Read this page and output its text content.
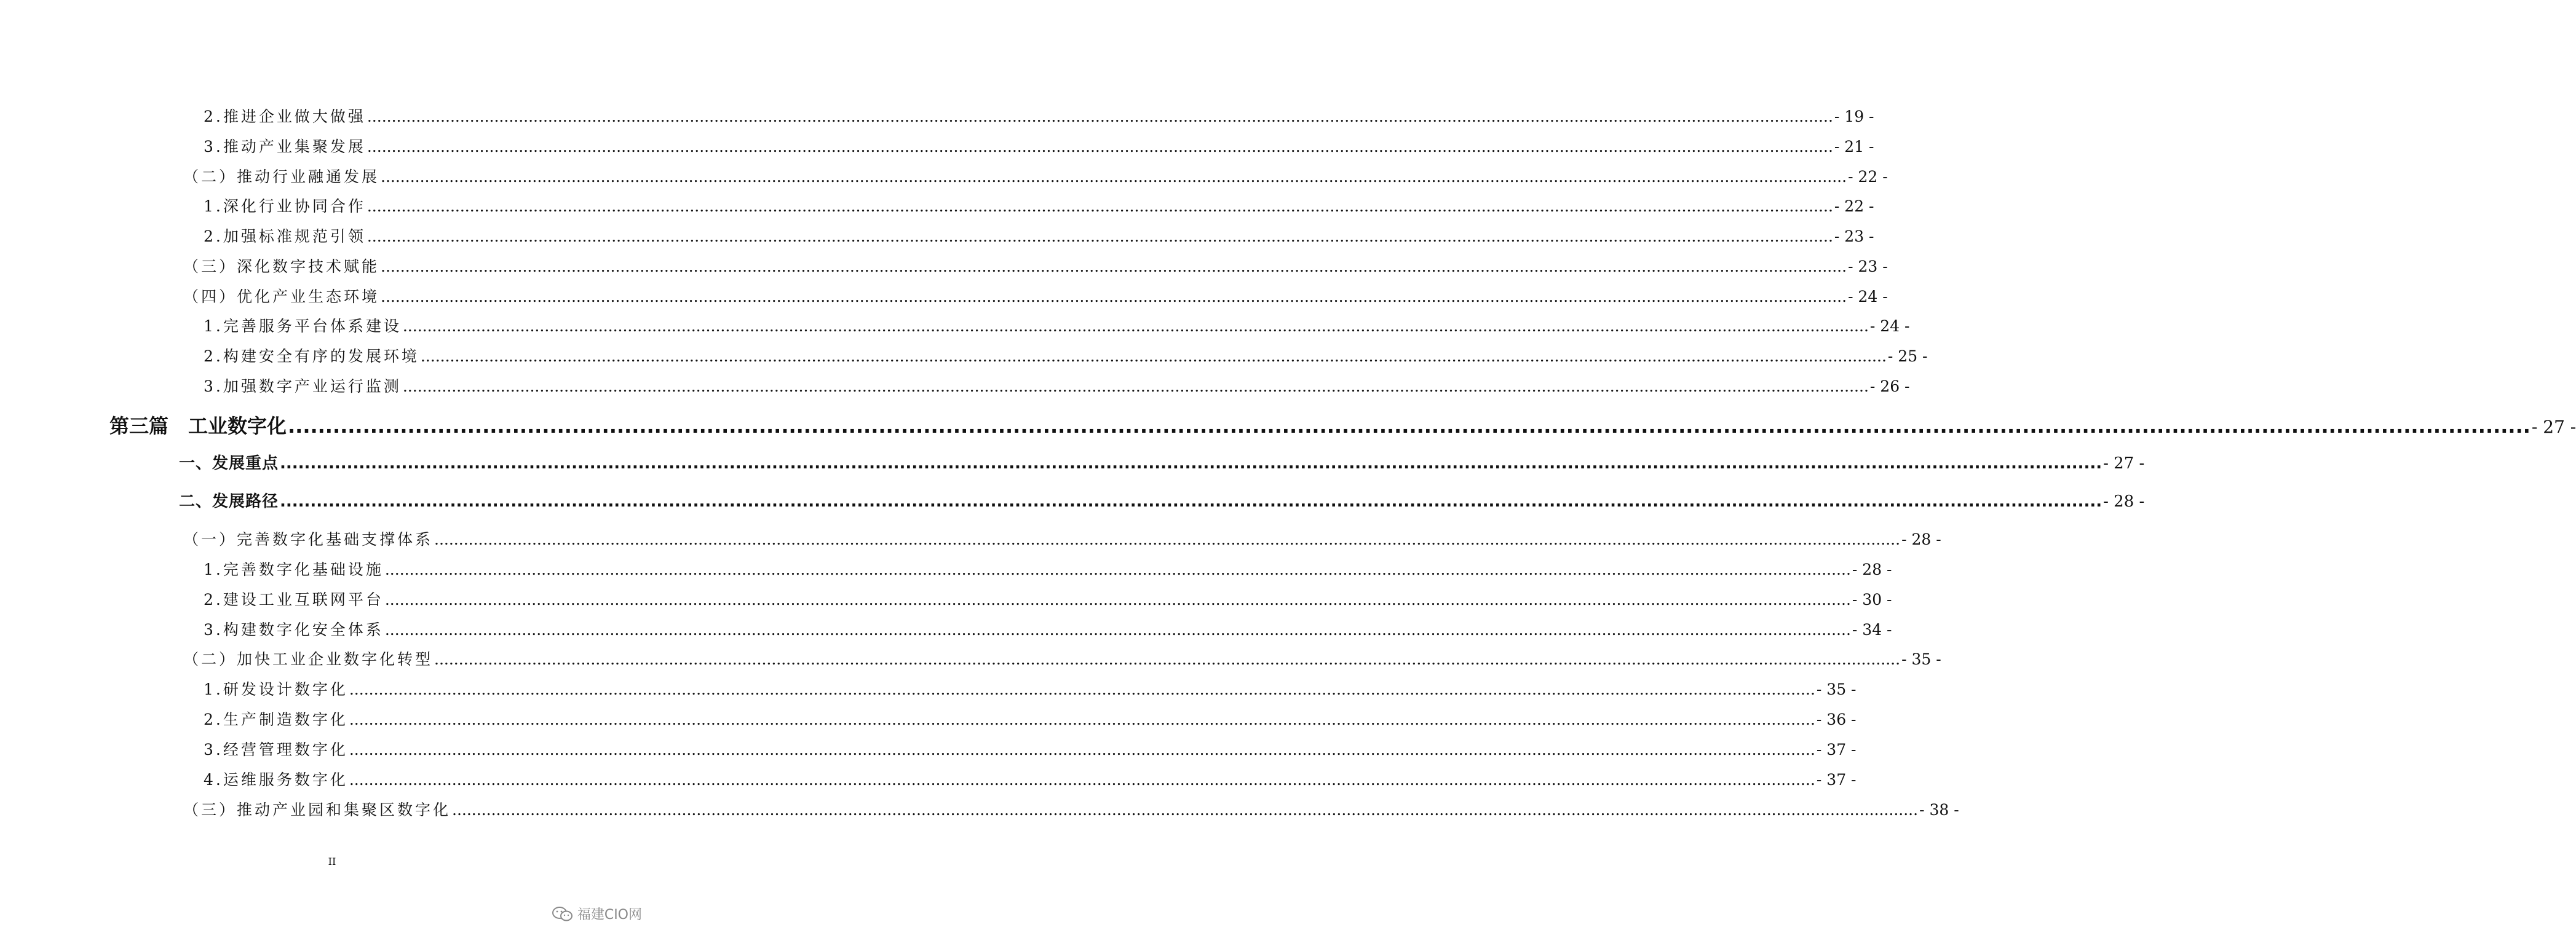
2.推进企业做大做强 ............................................................................................................................................................................................................................................................................................................ - 19 -
3.推动产业集聚发展 ............................................................................................................................................................................................................................................................................................................ - 21 -
（二）推动行业融通发展 ............................................................................................................................................................................................................................................................................................................ - 22 -
1.深化行业协同合作 ............................................................................................................................................................................................................................................................................................................ - 22 -
2.加强标准规范引领 ............................................................................................................................................................................................................................................................................................................ - 23 -
（三）深化数字技术赋能 ............................................................................................................................................................................................................................................................................................................ - 23 -
（四）优化产业生态环境 ............................................................................................................................................................................................................................................................................................................ - 24 -
1.完善服务平台体系建设 ............................................................................................................................................................................................................................................................................................................ - 24 -
2.构建安全有序的发展环境 ............................................................................................................................................................................................................................................................................................................ - 25 -
3.加强数字产业运行监测 ............................................................................................................................................................................................................................................................................................................ - 26 -
第三篇　工业数字化 ............................................................................................................................................................................................................................................................................................................ - 27 -
一、发展重点 ............................................................................................................................................................................................................................................................................................................ - 27 -
二、发展路径 ............................................................................................................................................................................................................................................................................................................ - 28 -
（一）完善数字化基础支撑体系 ............................................................................................................................................................................................................................................................................................................ - 28 -
1.完善数字化基础设施 ............................................................................................................................................................................................................................................................................................................ - 28 -
2.建设工业互联网平台 ............................................................................................................................................................................................................................................................................................................ - 30 -
3.构建数字化安全体系 ............................................................................................................................................................................................................................................................................................................ - 34 -
（二）加快工业企业数字化转型 ............................................................................................................................................................................................................................................................................................................ - 35 -
1.研发设计数字化 ............................................................................................................................................................................................................................................................................................................ - 35 -
2.生产制造数字化 ............................................................................................................................................................................................................................................................................................................ - 36 -
3.经营管理数字化 ............................................................................................................................................................................................................................................................................................................ - 37 -
4.运维服务数字化 ............................................................................................................................................................................................................................................................................................................ - 37 -
（三）推动产业园和集聚区数字化 ............................................................................................................................................................................................................................................................................................................ - 38 -
II
福建CIO网
